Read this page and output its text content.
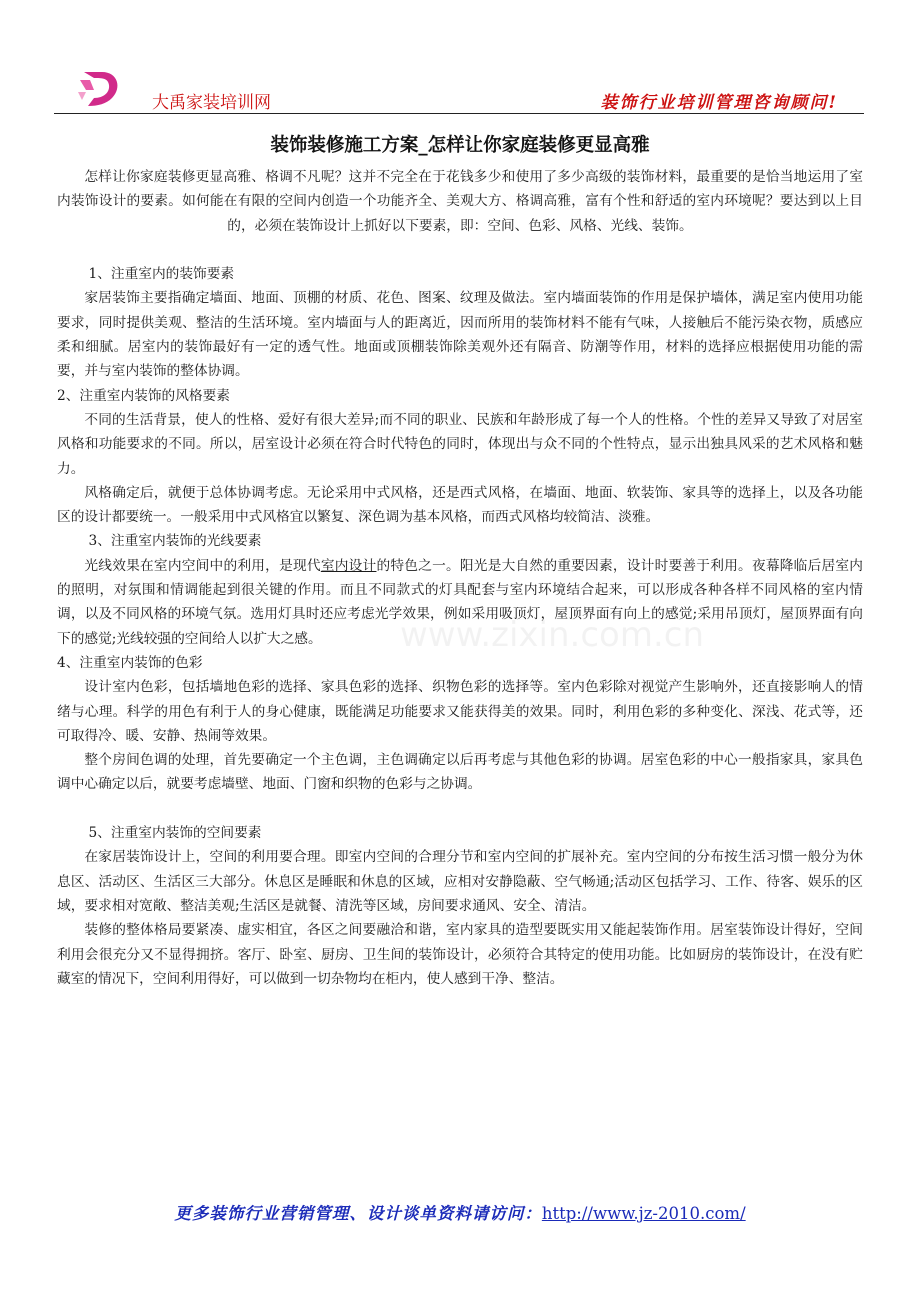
大禹家装培训网	装饰行业培训管理咨询顾问!
装饰装修施工方案_怎样让你家庭装修更显高雅
www.zixin.com.cn

怎样让你家庭装修更显高雅、格调不凡呢？这并不完全在于花钱多少和使用了多少高级的装饰材料，最重要的是恰当地运用了室内装饰设计的要素。如何能在有限的空间内创造一个功能齐全、美观大方、格调高雅，富有个性和舒适的室内环境呢？要达到以上目的，必须在装饰设计上抓好以下要素，即：空间、色彩、风格、光线、装饰。

1、注重室内的装饰要素

家居装饰主要指确定墙面、地面、顶棚的材质、花色、图案、纹理及做法。室内墙面装饰的作用是保护墙体，满足室内使用功能要求，同时提供美观、整洁的生活环境。室内墙面与人的距离近，因而所用的装饰材料不能有气味，人接触后不能污染衣物，质感应柔和细腻。居室内的装饰最好有一定的透气性。地面或顶棚装饰除美观外还有隔音、防潮等作用，材料的选择应根据使用功能的需要，并与室内装饰的整体协调。

2、注重室内装饰的风格要素

不同的生活背景，使人的性格、爱好有很大差异;而不同的职业、民族和年龄形成了每一个人的性格。个性的差异又导致了对居室风格和功能要求的不同。所以，居室设计必须在符合时代特色的同时，体现出与众不同的个性特点，显示出独具风采的艺术风格和魅力。

风格确定后，就便于总体协调考虑。无论采用中式风格，还是西式风格，在墙面、地面、软装饰、家具等的选择上，以及各功能区的设计都要统一。一般采用中式风格宜以繁复、深色调为基本风格，而西式风格均较简洁、淡雅。

3、注重室内装饰的光线要素

光线效果在室内空间中的利用，是现代室内设计的特色之一。阳光是大自然的重要因素，设计时要善于利用。夜幕降临后居室内的照明，对氛围和情调能起到很关键的作用。而且不同款式的灯具配套与室内环境结合起来，可以形成各种各样不同风格的室内情调，以及不同风格的环境气氛。选用灯具时还应考虑光学效果，例如采用吸顶灯，屋顶界面有向上的感觉;采用吊顶灯，屋顶界面有向下的感觉;光线较强的空间给人以扩大之感。

4、注重室内装饰的色彩

设计室内色彩，包括墙地色彩的选择、家具色彩的选择、织物色彩的选择等。室内色彩除对视觉产生影响外，还直接影响人的情绪与心理。科学的用色有利于人的身心健康，既能满足功能要求又能获得美的效果。同时，利用色彩的多种变化、深浅、花式等，还可取得冷、暖、安静、热闹等效果。

整个房间色调的处理，首先要确定一个主色调，主色调确定以后再考虑与其他色彩的协调。居室色彩的中心一般指家具，家具色调中心确定以后，就要考虑墙壁、地面、门窗和织物的色彩与之协调。

5、注重室内装饰的空间要素

在家居装饰设计上，空间的利用要合理。即室内空间的合理分节和室内空间的扩展补充。室内空间的分布按生活习惯一般分为休息区、活动区、生活区三大部分。休息区是睡眠和休息的区域，应相对安静隐蔽、空气畅通;活动区包括学习、工作、待客、娱乐的区域，要求相对宽敞、整洁美观;生活区是就餐、清洗等区域，房间要求通风、安全、清洁。

装修的整体格局要紧凑、虚实相宜，各区之间要融洽和谐，室内家具的造型要既实用又能起装饰作用。居室装饰设计得好，空间利用会很充分又不显得拥挤。客厅、卧室、厨房、卫生间的装饰设计，必须符合其特定的使用功能。比如厨房的装饰设计，在没有贮藏室的情况下，空间利用得好，可以做到一切杂物均在柜内，使人感到干净、整洁。

更多装饰行业营销管理、设计谈单资料请访问：http://www.jz-2010.com/
